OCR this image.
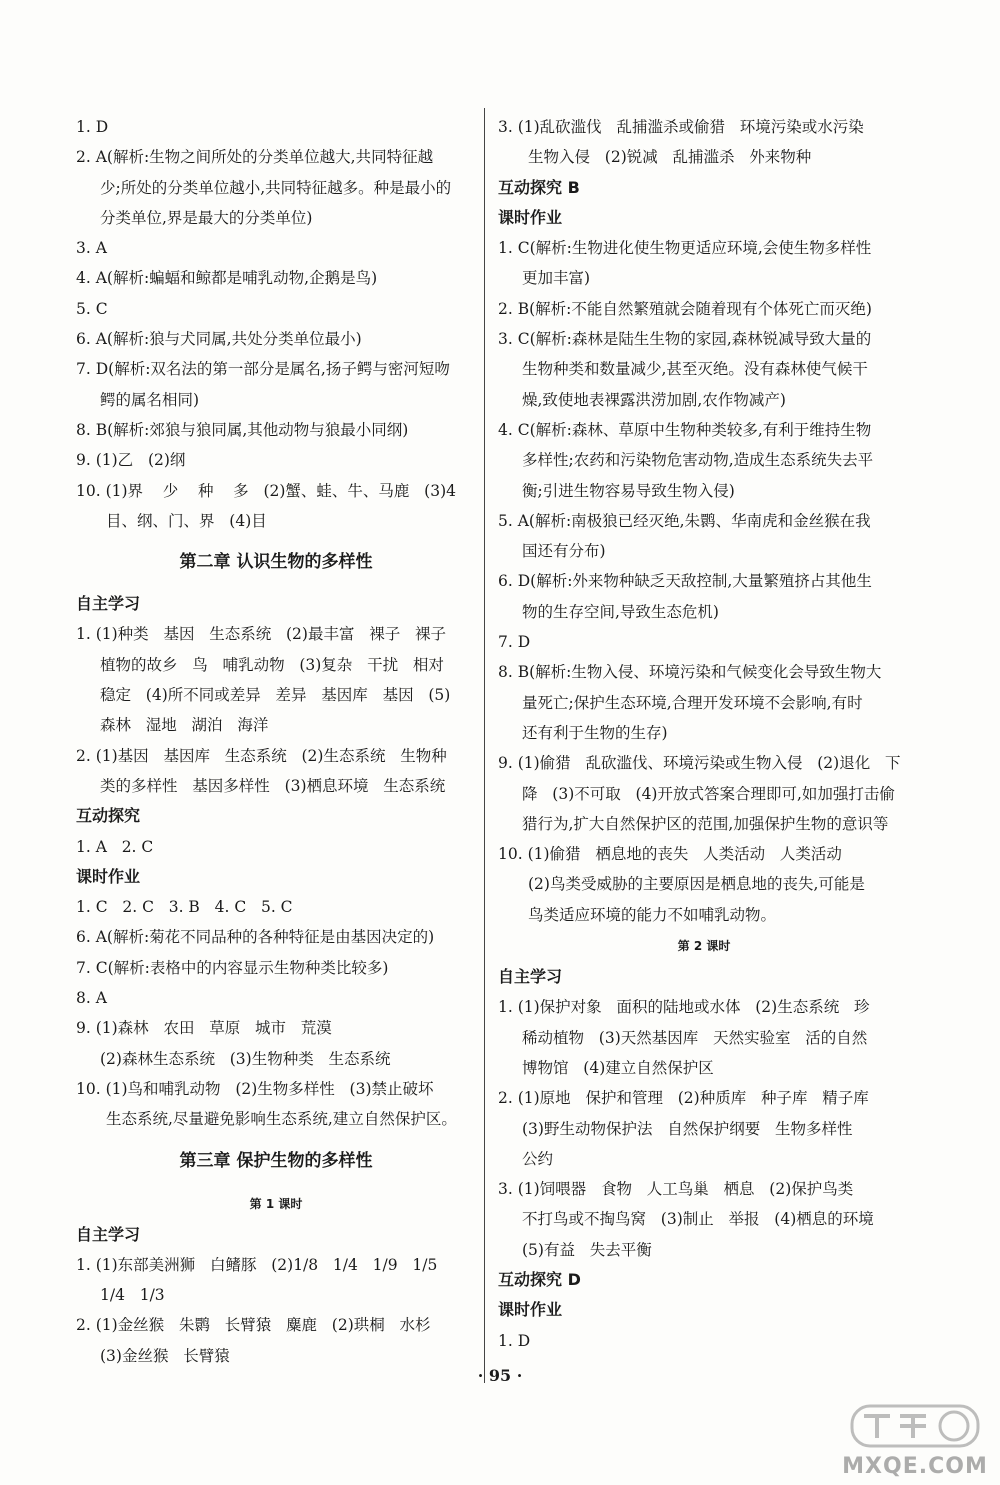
1. D
2. A(解析:生物之间所处的分类单位越大,共同特征越
少;所处的分类单位越小,共同特征越多。种是最小的
分类单位,界是最大的分类单位)
3. A
4. A(解析:蝙蝠和鲸都是哺乳动物,企鹅是鸟)
5. C
6. A(解析:狼与犬同属,共处分类单位最小)
7. D(解析:双名法的第一部分是属名,扬子鳄与密河短吻
鳄的属名相同)
8. B(解析:郊狼与狼同属,其他动物与狼最小同纲)
9. (1)乙   (2)纲
10. (1)界    少    种    多   (2)蟹、蛙、牛、马鹿   (3)4
目、纲、门、界   (4)目
第二章 认识生物的多样性
自主学习
1. (1)种类   基因   生态系统   (2)最丰富   裸子   裸子
植物的故乡   鸟   哺乳动物   (3)复杂   干扰   相对
稳定   (4)所不同或差异   差异   基因库   基因   (5)
森林   湿地   湖泊   海洋
2. (1)基因   基因库   生态系统   (2)生态系统   生物种
类的多样性   基因多样性   (3)栖息环境   生态系统
互动探究
1. A   2. C
课时作业
1. C   2. C   3. B   4. C   5. C
6. A(解析:菊花不同品种的各种特征是由基因决定的)
7. C(解析:表格中的内容显示生物种类比较多)
8. A
9. (1)森林   农田   草原   城市   荒漠
(2)森林生态系统   (3)生物种类   生态系统
10. (1)鸟和哺乳动物   (2)生物多样性   (3)禁止破坏
生态系统,尽量避免影响生态系统,建立自然保护区。
第三章 保护生物的多样性
第 1 课时
自主学习
1. (1)东部美洲狮   白鳍豚   (2)1/8   1/4   1/9   1/5
1/4   1/3
2. (1)金丝猴   朱鹮   长臂猿   麋鹿   (2)珙桐   水杉
(3)金丝猴   长臂猿
3. (1)乱砍滥伐   乱捕滥杀或偷猎   环境污染或水污染
生物入侵   (2)锐减   乱捕滥杀   外来物种
互动探究 B
课时作业
1. C(解析:生物进化使生物更适应环境,会使生物多样性
更加丰富)
2. B(解析:不能自然繁殖就会随着现有个体死亡而灭绝)
3. C(解析:森林是陆生生物的家园,森林锐减导致大量的
生物种类和数量减少,甚至灭绝。没有森林使气候干
燥,致使地表裸露洪涝加剧,农作物减产)
4. C(解析:森林、草原中生物种类较多,有利于维持生物
多样性;农药和污染物危害动物,造成生态系统失去平
衡;引进生物容易导致生物入侵)
5. A(解析:南极狼已经灭绝,朱鹮、华南虎和金丝猴在我
国还有分布)
6. D(解析:外来物种缺乏天敌控制,大量繁殖挤占其他生
物的生存空间,导致生态危机)
7. D
8. B(解析:生物入侵、环境污染和气候变化会导致生物大
量死亡;保护生态环境,合理开发环境不会影响,有时
还有利于生物的生存)
9. (1)偷猎   乱砍滥伐、环境污染或生物入侵   (2)退化   下
降   (3)不可取   (4)开放式答案合理即可,如加强打击偷
猎行为,扩大自然保护区的范围,加强保护生物的意识等
10. (1)偷猎   栖息地的丧失   人类活动   人类活动
(2)鸟类受威胁的主要原因是栖息地的丧失,可能是
鸟类适应环境的能力不如哺乳动物。
第 2 课时
自主学习
1. (1)保护对象   面积的陆地或水体   (2)生态系统   珍
稀动植物   (3)天然基因库   天然实验室   活的自然
博物馆   (4)建立自然保护区
2. (1)原地   保护和管理   (2)种质库   种子库   精子库
(3)野生动物保护法   自然保护纲要   生物多样性
公约
3. (1)饲喂器   食物   人工鸟巢   栖息   (2)保护鸟类
不打鸟或不掏鸟窝   (3)制止   举报   (4)栖息的环境
(5)有益   失去平衡
互动探究 D
课时作业
1. D
· 95 ·
MXQE.COM
